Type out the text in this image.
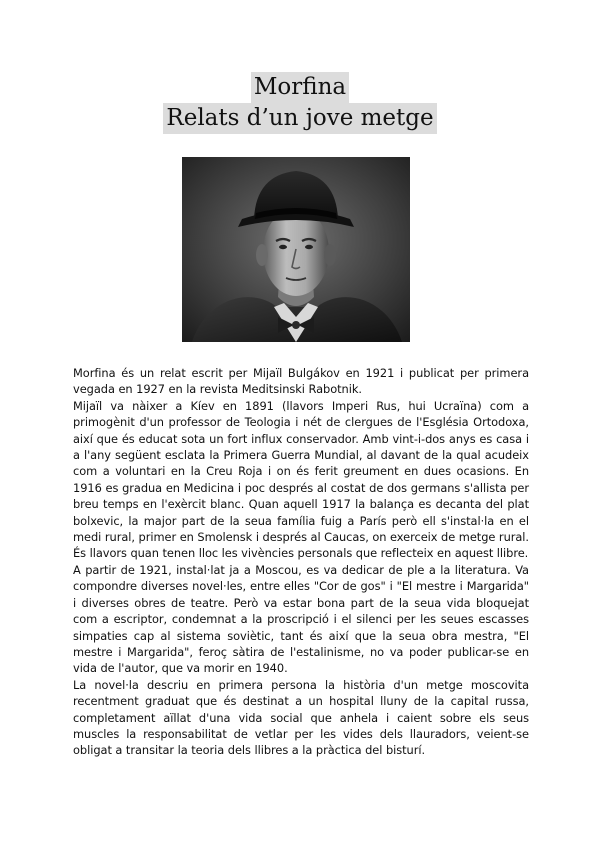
Morfina
Relats d’un jove metge

Morfina és un relat escrit per Mijaïl Bulgákov en 1921 i publicat per primera vegada en 1927 en la revista Meditsinski Rabotnik.

Mijaïl va nàixer a Kíev en 1891 (llavors Imperi Rus, hui Ucraïna) com a primogènit d'un professor de Teologia i nét de clergues de l'Església Ortodoxa, així que és educat sota un fort influx conservador. Amb vint-i-dos anys es casa i a l'any següent esclata la Primera Guerra Mundial, al davant de la qual acudeix com a voluntari en la Creu Roja i on és ferit greument en dues ocasions. En 1916 es gradua en Medicina i poc després al costat de dos germans s'allista per breu temps en l'exèrcit blanc. Quan aquell 1917 la balança es decanta del plat bolxevic, la major part de la seua família fuig a París però ell s'instal·la en el medi rural, primer en Smolensk i després al Caucas, on exerceix de metge rural. És llavors quan tenen lloc les vivències personals que reflecteix en aquest llibre.

A partir de 1921, instal·lat ja a Moscou, es va dedicar de ple a la literatura. Va compondre diverses novel·les, entre elles "Cor de gos" i "El mestre i Margarida" i diverses obres de teatre. Però va estar bona part de la seua vida bloquejat com a escriptor, condemnat a la proscripció i el silenci per les seues escasses simpaties cap al sistema soviètic, tant és així que la seua obra mestra, "El mestre i Margarida", feroç sàtira de l'estalinisme, no va poder publicar-se en vida de l'autor, que va morir en 1940.

La novel·la descriu en primera persona la història d'un metge moscovita recentment graduat que és destinat a un hospital lluny de la capital russa, completament aïllat d'una vida social que anhela i caient sobre els seus muscles la responsabilitat de vetlar per les vides dels llauradors, veient-se obligat a transitar la teoria dels llibres a la pràctica del bisturí.
